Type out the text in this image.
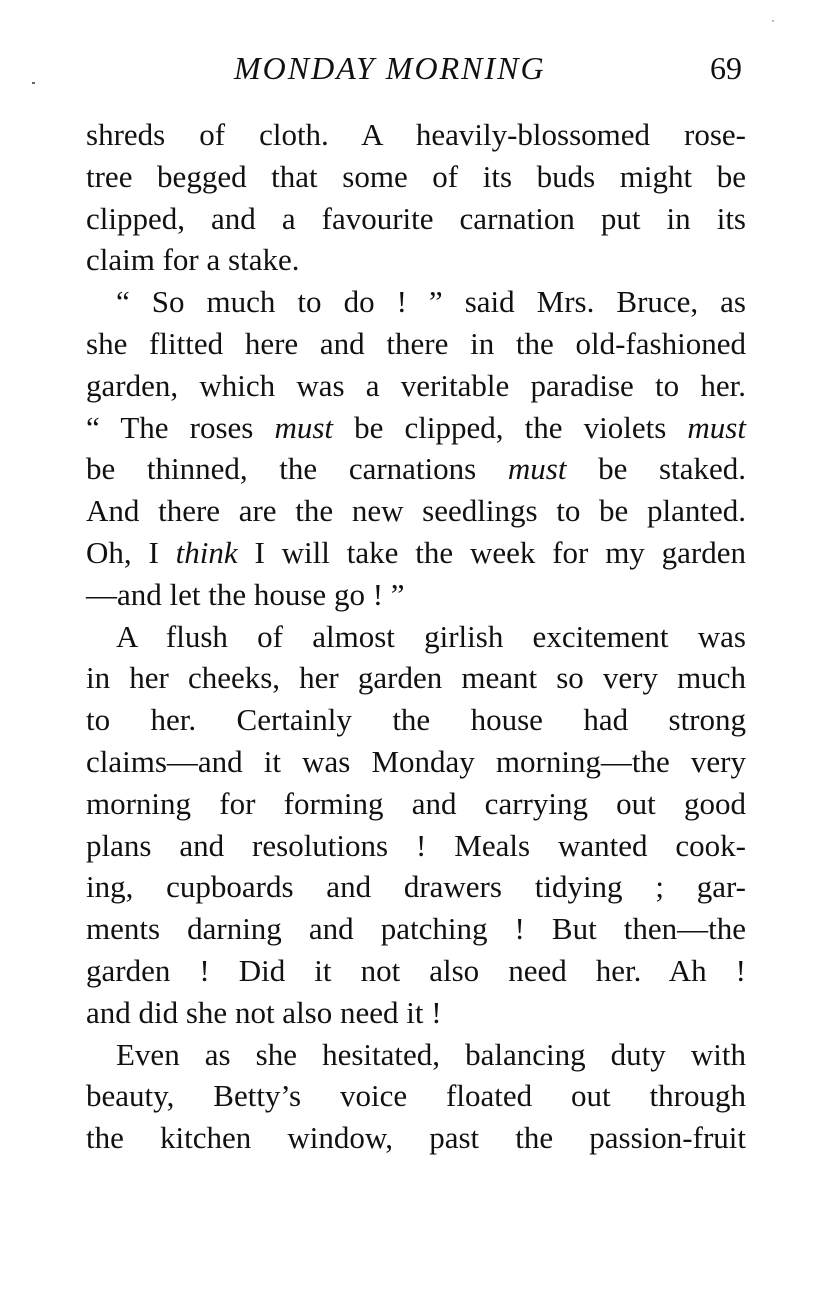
MONDAY MORNING	69
shreds of cloth. A heavily-blossomed rose-
tree begged that some of its buds might be
clipped, and a favourite carnation put in its
claim for a stake.
“ So much to do ! ” said Mrs. Bruce, as
she flitted here and there in the old-fashioned
garden, which was a veritable paradise to her.
“ The roses must be clipped, the violets must
be thinned, the carnations must be staked.
And there are the new seedlings to be planted.
Oh, I think I will take the week for my garden
—and let the house go ! ”
A flush of almost girlish excitement was
in her cheeks, her garden meant so very much
to her. Certainly the house had strong
claims—and it was Monday morning—the very
morning for forming and carrying out good
plans and resolutions ! Meals wanted cook-
ing, cupboards and drawers tidying ; gar-
ments darning and patching ! But then—the
garden ! Did it not also need her. Ah !
and did she not also need it !
Even as she hesitated, balancing duty with
beauty, Betty’s voice floated out through
the kitchen window, past the passion-fruit
